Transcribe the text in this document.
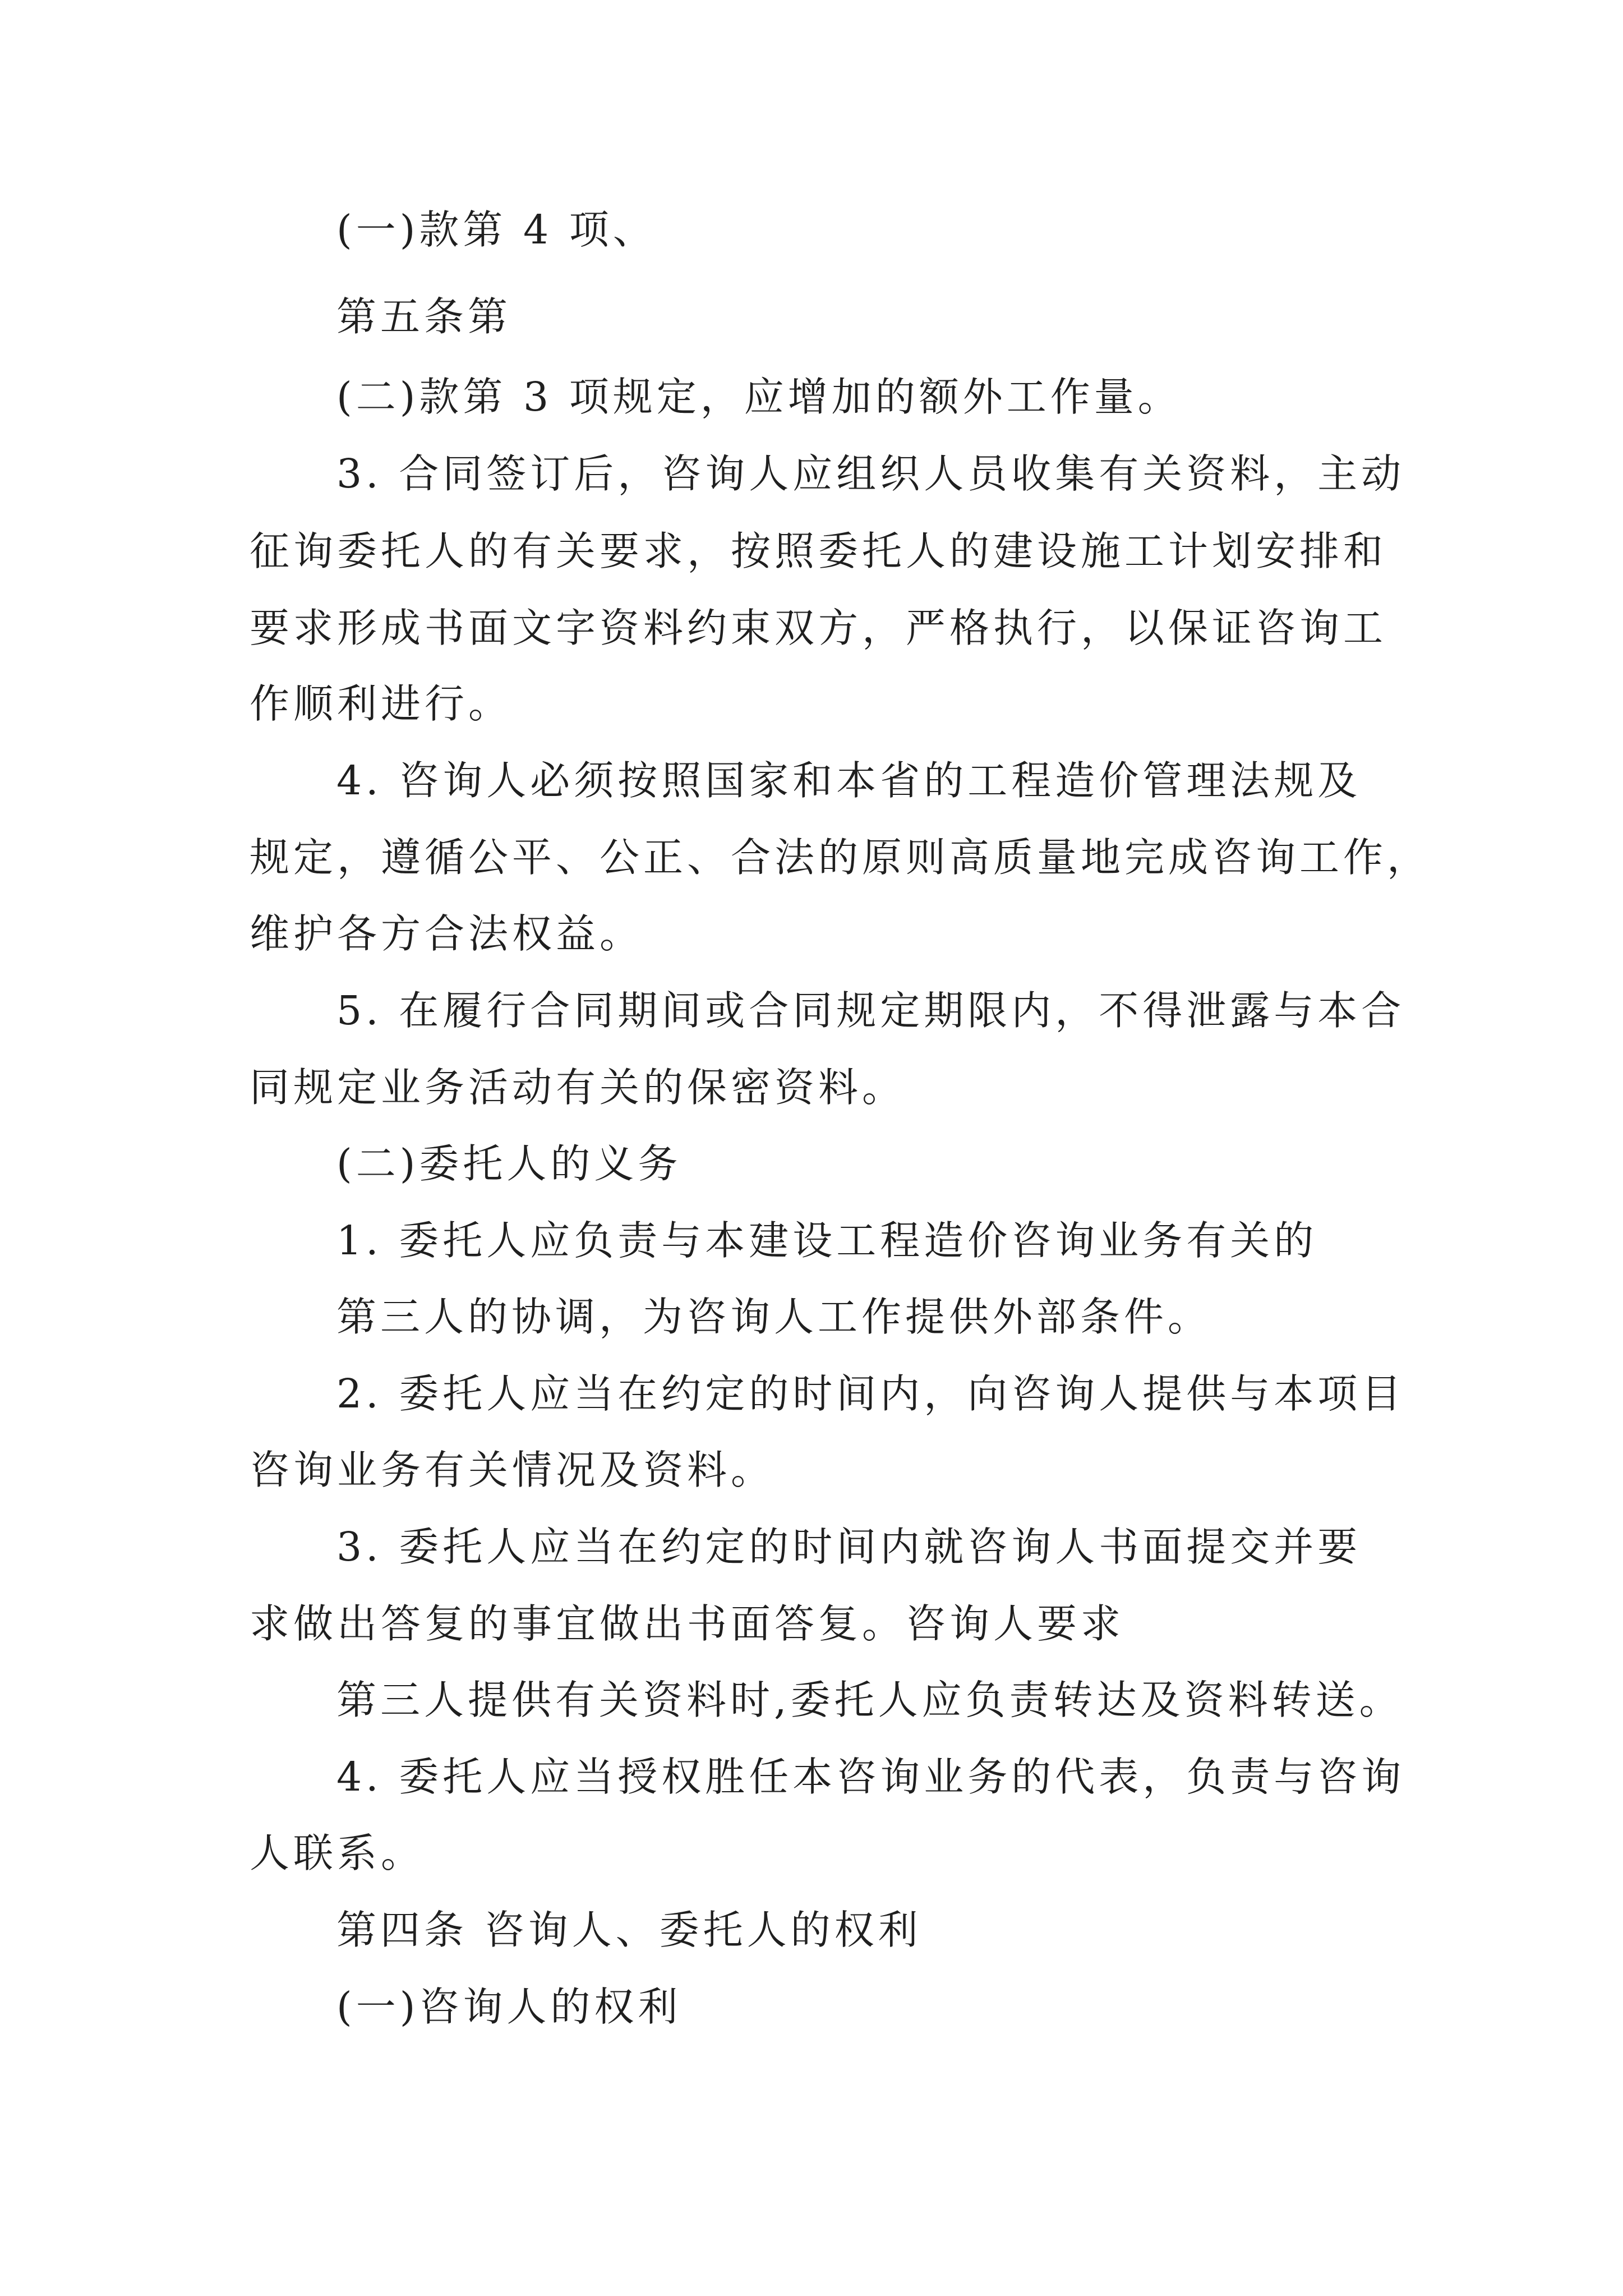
(一)款第 4 项、
第五条第
(二)款第 3 项规定，应增加的额外工作量。
3. 合同签订后，咨询人应组织人员收集有关资料，主动
征询委托人的有关要求，按照委托人的建设施工计划安排和
要求形成书面文字资料约束双方，严格执行，以保证咨询工
作顺利进行。
4. 咨询人必须按照国家和本省的工程造价管理法规及
规定，遵循公平、公正、合法的原则高质量地完成咨询工作，
维护各方合法权益。
5. 在履行合同期间或合同规定期限内，不得泄露与本合
同规定业务活动有关的保密资料。
(二)委托人的义务
1. 委托人应负责与本建设工程造价咨询业务有关的
第三人的协调，为咨询人工作提供外部条件。
2. 委托人应当在约定的时间内，向咨询人提供与本项目
咨询业务有关情况及资料。
3. 委托人应当在约定的时间内就咨询人书面提交并要
求做出答复的事宜做出书面答复。咨询人要求
第三人提供有关资料时,委托人应负责转达及资料转送。
4. 委托人应当授权胜任本咨询业务的代表，负责与咨询
人联系。
第四条 咨询人、委托人的权利
(一)咨询人的权利
